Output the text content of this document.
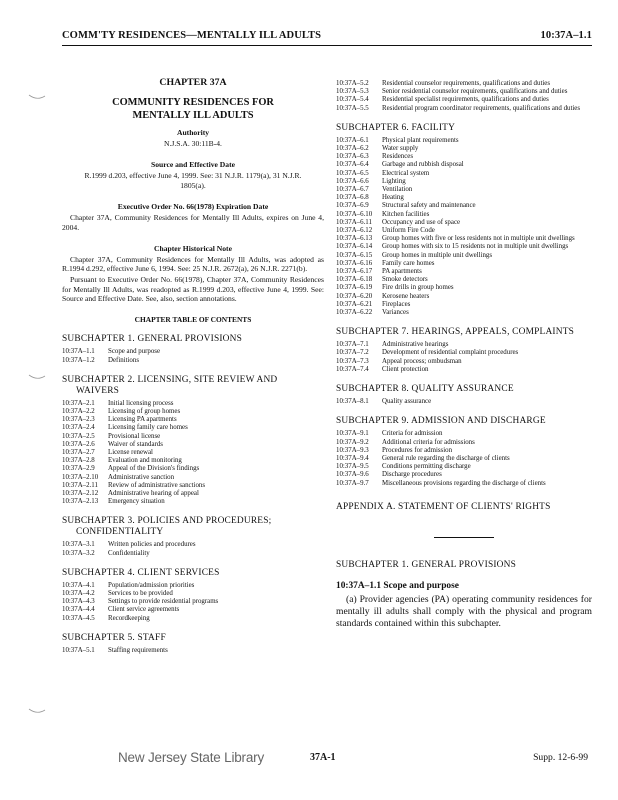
COMM'TY RESIDENCES—MENTALLY ILL ADULTS	10:37A–1.1
CHAPTER 37A
COMMUNITY RESIDENCES FOR MENTALLY ILL ADULTS
Authority
N.J.S.A. 30:11B-4.
Source and Effective Date
R.1999 d.203, effective June 4, 1999. See: 31 N.J.R. 1179(a), 31 N.J.R. 1805(a).
Executive Order No. 66(1978) Expiration Date
Chapter 37A, Community Residences for Mentally Ill Adults, expires on June 4, 2004.
Chapter Historical Note
Chapter 37A, Community Residences for Mentally Ill Adults, was adopted as R.1994 d.292, effective June 6, 1994. See: 25 N.J.R. 2672(a), 26 N.J.R. 2271(b).
Pursuant to Executive Order No. 66(1978), Chapter 37A, Community Residences for Mentally Ill Adults, was readopted as R.1999 d.203, effective June 4, 1999. See: Source and Effective Date. See, also, section annotations.
CHAPTER TABLE OF CONTENTS
SUBCHAPTER 1. GENERAL PROVISIONS
10:37A–1.1	Scope and purpose
10:37A–1.2	Definitions
SUBCHAPTER 2. LICENSING, SITE REVIEW AND
WAIVERS
10:37A–2.1	Initial licensing process
10:37A–2.2	Licensing of group homes
10:37A–2.3	Licensing PA apartments
10:37A–2.4	Licensing family care homes
10:37A–2.5	Provisional license
10:37A–2.6	Waiver of standards
10:37A–2.7	License renewal
10:37A–2.8	Evaluation and monitoring
10:37A–2.9	Appeal of the Division's findings
10:37A–2.10	Administrative sanction
10:37A–2.11	Review of administrative sanctions
10:37A–2.12	Administrative hearing of appeal
10:37A–2.13	Emergency situation
SUBCHAPTER 3. POLICIES AND PROCEDURES;
CONFIDENTIALITY
10:37A–3.1	Written policies and procedures
10:37A–3.2	Confidentiality
SUBCHAPTER 4. CLIENT SERVICES
10:37A–4.1	Population/admission priorities
10:37A–4.2	Services to be provided
10:37A–4.3	Settings to provide residential programs
10:37A–4.4	Client service agreements
10:37A–4.5	Recordkeeping
SUBCHAPTER 5. STAFF
10:37A–5.1	Staffing requirements
10:37A–5.2	Residential counselor requirements, qualifications and duties
10:37A–5.3	Senior residential counselor requirements, qualifications and duties
10:37A–5.4	Residential specialist requirements, qualifications and duties
10:37A–5.5	Residential program coordinator requirements, qualifications and duties
SUBCHAPTER 6. FACILITY
10:37A–6.1	Physical plant requirements
10:37A–6.2	Water supply
10:37A–6.3	Residences
10:37A–6.4	Garbage and rubbish disposal
10:37A–6.5	Electrical system
10:37A–6.6	Lighting
10:37A–6.7	Ventilation
10:37A–6.8	Heating
10:37A–6.9	Structural safety and maintenance
10:37A–6.10	Kitchen facilities
10:37A–6.11	Occupancy and use of space
10:37A–6.12	Uniform Fire Code
10:37A–6.13	Group homes with five or less residents not in multiple unit dwellings
10:37A–6.14	Group homes with six to 15 residents not in multiple unit dwellings
10:37A–6.15	Group homes in multiple unit dwellings
10:37A–6.16	Family care homes
10:37A–6.17	PA apartments
10:37A–6.18	Smoke detectors
10:37A–6.19	Fire drills in group homes
10:37A–6.20	Kerosene heaters
10:37A–6.21	Fireplaces
10:37A–6.22	Variances
SUBCHAPTER 7. HEARINGS, APPEALS, COMPLAINTS
10:37A–7.1	Administrative hearings
10:37A–7.2	Development of residential complaint procedures
10:37A–7.3	Appeal process; ombudsman
10:37A–7.4	Client protection
SUBCHAPTER 8. QUALITY ASSURANCE
10:37A–8.1	Quality assurance
SUBCHAPTER 9. ADMISSION AND DISCHARGE
10:37A–9.1	Criteria for admission
10:37A–9.2	Additional criteria for admissions
10:37A–9.3	Procedures for admission
10:37A–9.4	General rule regarding the discharge of clients
10:37A–9.5	Conditions permitting discharge
10:37A–9.6	Discharge procedures
10:37A–9.7	Miscellaneous provisions regarding the discharge of clients
APPENDIX A. STATEMENT OF CLIENTS' RIGHTS
SUBCHAPTER 1. GENERAL PROVISIONS
10:37A–1.1 Scope and purpose
(a) Provider agencies (PA) operating community residences for mentally ill adults shall comply with the physical and program standards contained within this subchapter.
New Jersey State Library	37A-1	Supp. 12-6-99
